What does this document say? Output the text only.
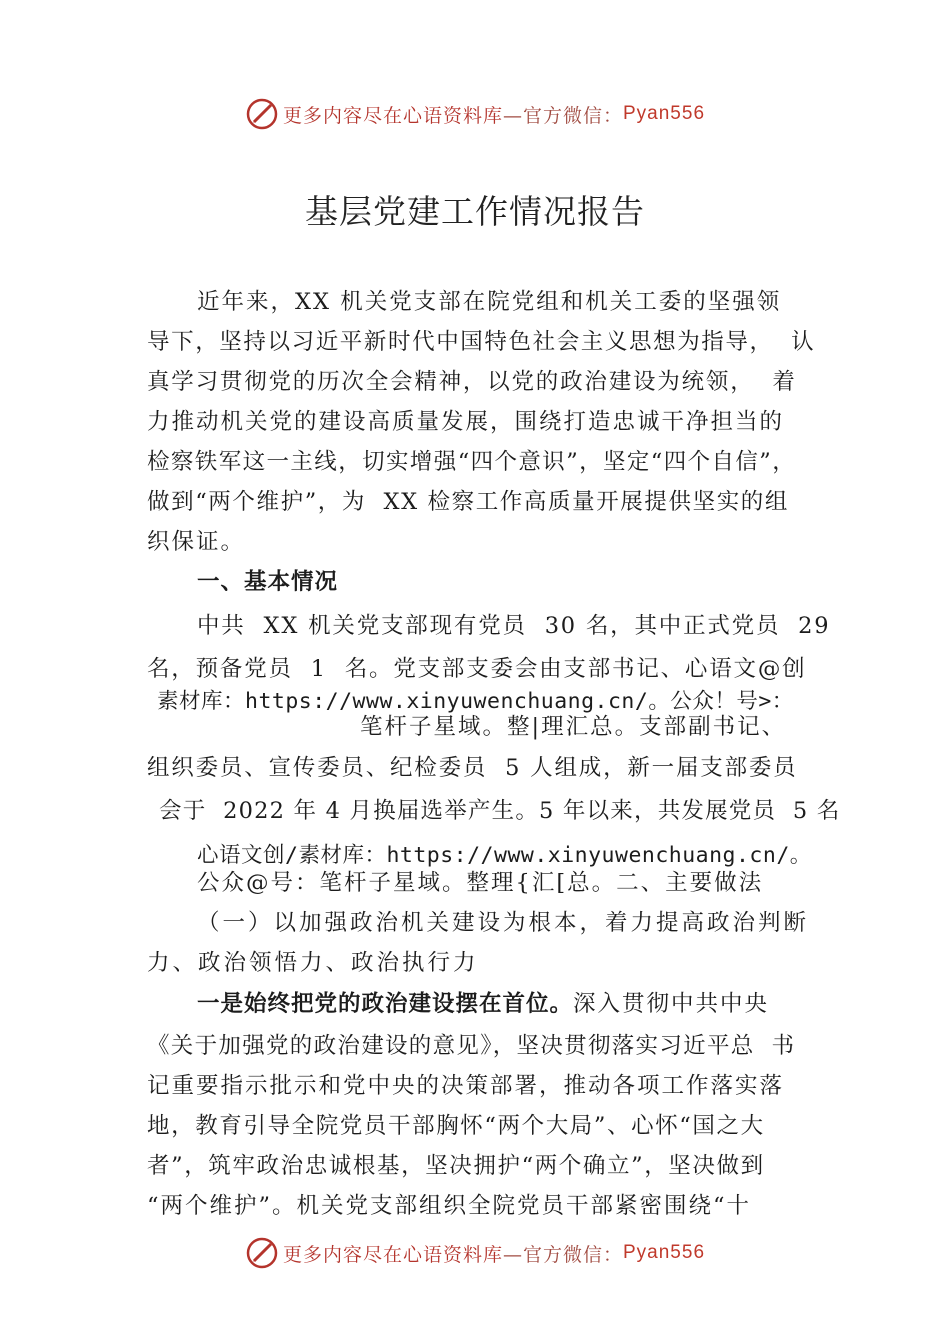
更多内容尽在心语资料库 —官方微信： Pyan556
基层党建工作情况报告
近年来，XX 机关党支部在院党组和机关工委的坚强领
导下，坚持以习近平新时代中国特色社会主义思想为指导，  认
真学习贯彻党的历次全会精神，以党的政治建设为统领，  着
力推动机关党的建设高质量发展，围绕打造忠诚干净担当的
检察铁军这一主线，切实增强“四个意识”，坚定“四个自信”，
做到“两个维护”，为  XX 检察工作高质量开展提供坚实的组
织保证。
一、基本情况
中共  XX 机关党支部现有党员  30 名，其中正式党员  29
名，预备党员  1  名。党支部支委会由支部书记、心语文@创
素材库：https://www.xinyuwenchuang.cn/。公众！号>：
笔杆子星域。整|理汇总。支部副书记、
组织委员、宣传委员、纪检委员  5 人组成，新一届支部委员
会于  2022 年 4 月换届选举产生。5 年以来，共发展党员  5 名
心语文创/素材库：https://www.xinyuwenchuang.cn/。
公众@号：笔杆子星域。整理{汇[总。二、主要做法
（一）以加强政治机关建设为根本，着力提高政治判断
力、政治领悟力、政治执行力
一是始终把党的政治建设摆在首位。深入贯彻中共中央
《关于加强党的政治建设的意见》，坚决贯彻落实习近平总  书
记重要指示批示和党中央的决策部署，推动各项工作落实落
地，教育引导全院党员干部胸怀“两个大局”、心怀“国之大
者”，筑牢政治忠诚根基，坚决拥护“两个确立”，坚决做到
“两个维护”。机关党支部组织全院党员干部紧密围绕“十
更多内容尽在心语资料库 —官方微信： Pyan556
